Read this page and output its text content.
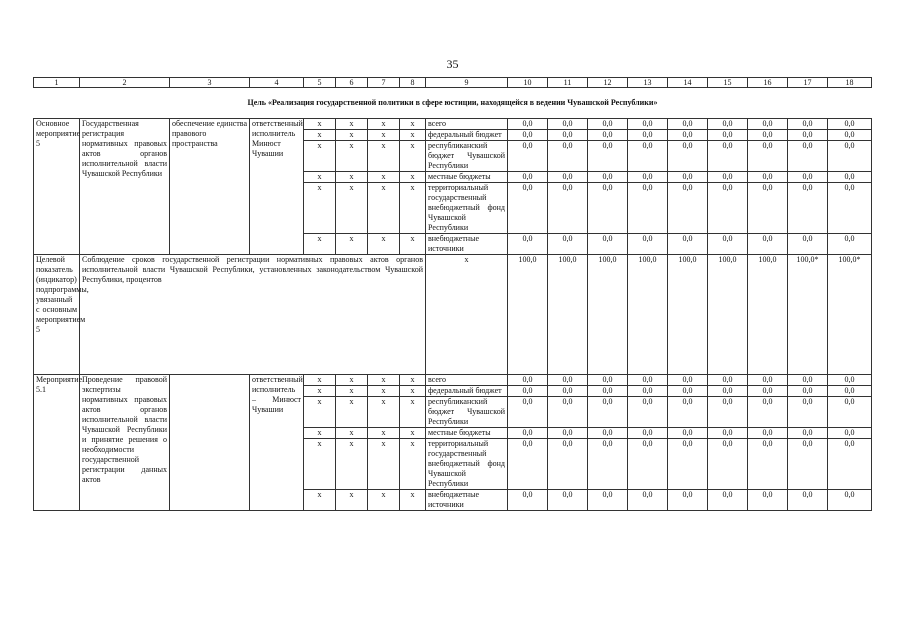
35
1	2	3	4	5	6	7	8	9	10	11	12	13	14	15	16	17	18
Цель «Реализация государственной политики в сфере юстиции, находящейся в ведении Чувашской Республики»																	
Основное мероприятие 5	Государственная регистрация нормативных правовых актов органов исполнительной власти Чувашской Республики	обеспечение единства правового пространства	ответственный исполнитель Минюст Чувашии	х	х	х	х	всего	0,0	0,0	0,0	0,0	0,0	0,0	0,0	0,0	0,0
				х	х	х	х	федеральный бюджет	0,0	0,0	0,0	0,0	0,0	0,0	0,0	0,0	0,0
				х	х	х	х	республиканский бюджет Чувашской Республики	0,0	0,0	0,0	0,0	0,0	0,0	0,0	0,0	0,0
				х	х	х	х	местные бюджеты	0,0	0,0	0,0	0,0	0,0	0,0	0,0	0,0	0,0
				х	х	х	х	территориальный государственный внебюджетный фонд Чувашской Республики	0,0	0,0	0,0	0,0	0,0	0,0	0,0	0,0	0,0
				х	х	х	х	внебюджетные источники	0,0	0,0	0,0	0,0	0,0	0,0	0,0	0,0	0,0
Целевой показатель (индикатор) подпрограммы, увязанный с основным мероприятием 5	Соблюдение сроков государственной регистрации нормативных правовых актов органов исполнительной власти Чувашской Республики, установленных законодательством Чувашской Республики, процентов							х	100,0	100,0	100,0	100,0	100,0	100,0	100,0	100,0*	100,0*
Мероприятие 5.1	Проведение правовой экспертизы нормативных правовых актов органов исполнительной власти Чувашской Республики и принятие решения о необходимости государственной регистрации данных актов		ответственный исполнитель – Минюст Чувашии	х	х	х	х	всего	0,0	0,0	0,0	0,0	0,0	0,0	0,0	0,0	0,0
				х	х	х	х	федеральный бюджет	0,0	0,0	0,0	0,0	0,0	0,0	0,0	0,0	0,0
				х	х	х	х	республиканский бюджет Чувашской Республики	0,0	0,0	0,0	0,0	0,0	0,0	0,0	0,0	0,0
				х	х	х	х	местные бюджеты	0,0	0,0	0,0	0,0	0,0	0,0	0,0	0,0	0,0
				х	х	х	х	территориальный государственный внебюджетный фонд Чувашской Республики	0,0	0,0	0,0	0,0	0,0	0,0	0,0	0,0	0,0
				х	х	х	х	внебюджетные источники	0,0	0,0	0,0	0,0	0,0	0,0	0,0	0,0	0,0
